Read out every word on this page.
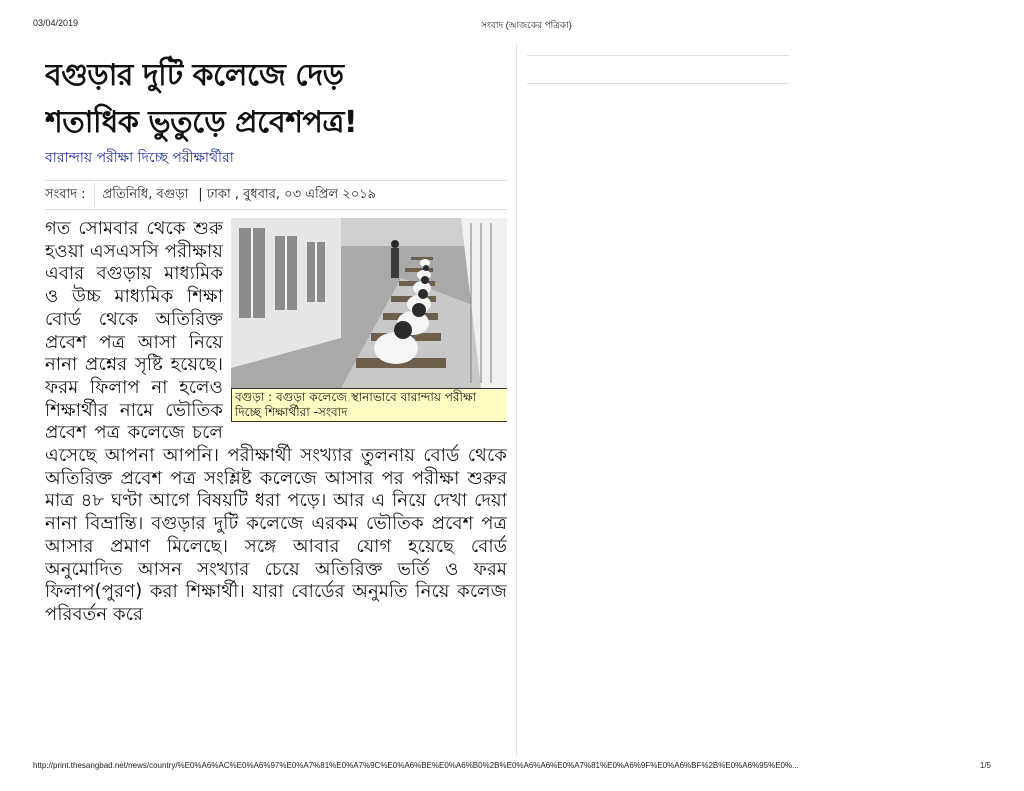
03/04/2019	সংবাদ (আজকের পত্রিকা)
বগুড়ার দুটি কলেজে দেড়
শতাধিক ভুতুড়ে প্রবেশপত্র!
বারান্দায় পরীক্ষা দিচ্ছে পরীক্ষার্থীরা
সংবাদ :	প্রতিনিধি, বগুড়া | ঢাকা , বুধবার, ০৩ এপ্রিল ২০১৯
বগুড়া : বগুড়া কলেজে স্থানাভাবে বারান্দায় পরীক্ষা দিচ্ছে শিক্ষার্থীরা -সংবাদ

গত সোমবার থেকে শুরু হওয়া এসএসসি পরীক্ষায় এবার বগুড়ায় মাধ্যমিক ও উচ্চ মাধ্যমিক শিক্ষা বোর্ড থেকে অতিরিক্ত প্রবেশ পত্র আসা নিয়ে নানা প্রশ্নের সৃষ্টি হয়েছে। ফরম ফিলাপ না হলেও শিক্ষার্থীর নামে ভৌতিক প্রবেশ পত্র কলেজে চলে এসেছে আপনা আপনি। পরীক্ষার্থী সংখ্যার তুলনায় বোর্ড থেকে অতিরিক্ত প্রবেশ পত্র সংশ্লিষ্ট কলেজে আসার পর পরীক্ষা শুরুর মাত্র ৪৮ ঘণ্টা আগে বিষয়টি ধরা পড়ে। আর এ নিয়ে দেখা দেয়া নানা বিভ্রান্তি। বগুড়ার দুটি কলেজে এরকম ভৌতিক প্রবেশ পত্র আসার প্রমাণ মিলেছে। সঙ্গে আবার যোগ হয়েছে বোর্ড অনুমোদিত আসন সংখ্যার চেয়ে অতিরিক্ত ভর্তি ও ফরম ফিলাপ(পুরণ) করা শিক্ষার্থী। যারা বোর্ডের অনুমতি নিয়ে কলেজ পরিবর্তন করে

http://print.thesangbad.net/news/country/%E0%A6%AC%E0%A6%97%E0%A7%81%E0%A7%9C%E0%A6%BE%E0%A6%B0%2B%E0%A6%A6%E0%A7%81%E0%A6%9F%E0%A6%BF%2B%E0%A6%95%E0%...	1/5
